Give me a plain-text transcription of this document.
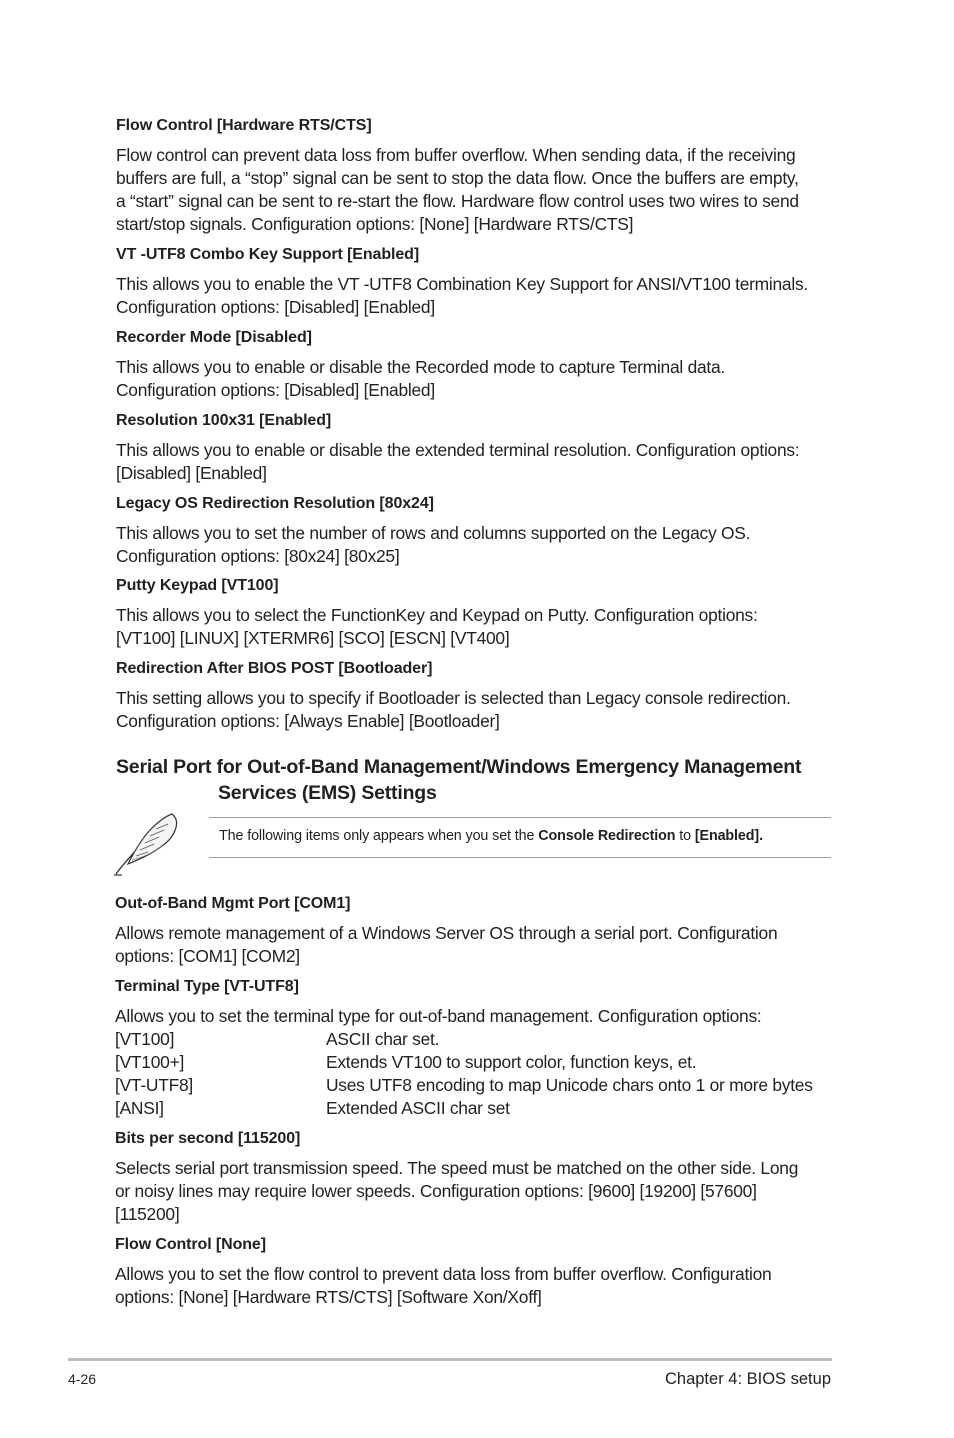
Flow Control [Hardware RTS/CTS]

Flow control can prevent data loss from buffer overflow. When sending data, if the receiving
buffers are full, a “stop” signal can be sent to stop the data flow. Once the buffers are empty,
a “start” signal can be sent to re-start the flow. Hardware flow control uses two wires to send
start/stop signals. Configuration options: [None] [Hardware RTS/CTS]

VT -UTF8 Combo Key Support [Enabled]

This allows you to enable the VT -UTF8 Combination Key Support for ANSI/VT100 terminals.
Configuration options: [Disabled] [Enabled]

Recorder Mode [Disabled]

This allows you to enable or disable the Recorded mode to capture Terminal data.
Configuration options: [Disabled] [Enabled]

Resolution 100x31 [Enabled]

This allows you to enable or disable the extended terminal resolution. Configuration options:
[Disabled] [Enabled]

Legacy OS Redirection Resolution [80x24]

This allows you to set the number of rows and columns supported on the Legacy OS.
Configuration options: [80x24] [80x25]

Putty Keypad [VT100]

This allows you to select the FunctionKey and Keypad on Putty. Configuration options:
[VT100] [LINUX] [XTERMR6] [SCO] [ESCN] [VT400]

Redirection After BIOS POST [Bootloader]

This setting allows you to specify if Bootloader is selected than Legacy console redirection.
Configuration options: [Always Enable] [Bootloader]

Serial Port for Out-of-Band Management/Windows Emergency Management
Services (EMS) Settings
The following items only appears when you set the Console Redirection to [Enabled].

Out-of-Band Mgmt Port [COM1]

Allows remote management of a Windows Server OS through a serial port. Configuration
options: [COM1] [COM2]

Terminal Type [VT-UTF8]

Allows you to set the terminal type for out-of-band management. Configuration options:

[VT100]	ASCII char set.
[VT100+]	Extends VT100 to support color, function keys, et.
[VT-UTF8]	Uses UTF8 encoding to map Unicode chars onto 1 or more bytes
[ANSI]	Extended ASCII char set

Bits per second [115200]

Selects serial port transmission speed. The speed must be matched on the other side. Long
or noisy lines may require lower speeds. Configuration options: [9600] [19200] [57600]
[115200]

Flow Control [None]

Allows you to set the flow control to prevent data loss from buffer overflow. Configuration
options: [None] [Hardware RTS/CTS] [Software Xon/Xoff]

4-26	Chapter 4: BIOS setup
